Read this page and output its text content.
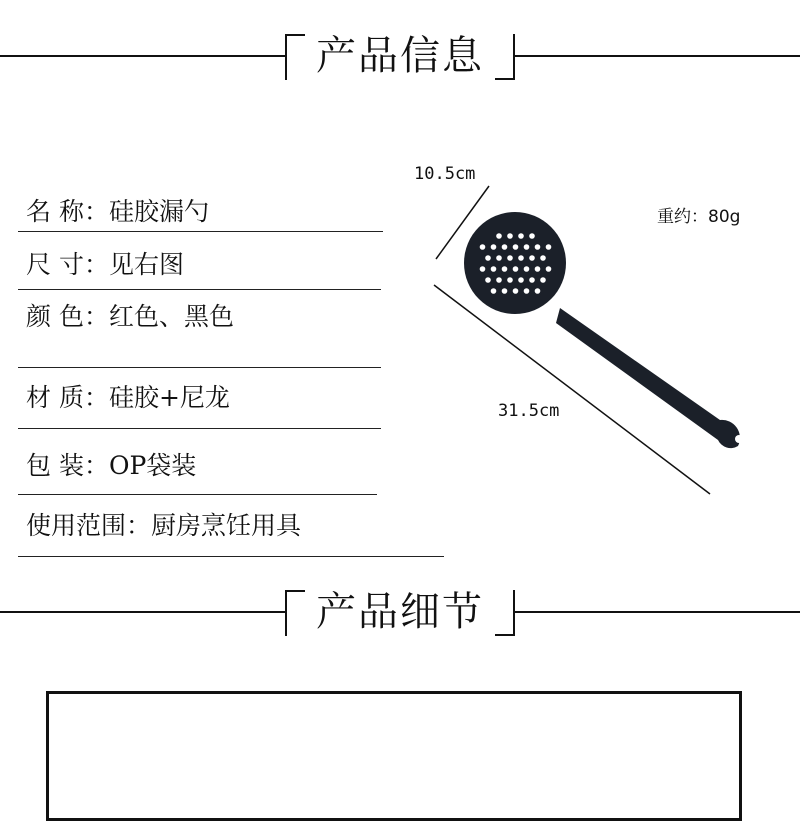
产品信息
名 称：硅胶漏勺
尺 寸：见右图
颜 色：红色、黑色
材 质：硅胶+尼龙
包 装：OP袋装
使用范围：厨房烹饪用具
10.5cm
31.5cm
重约：80g
产品细节
